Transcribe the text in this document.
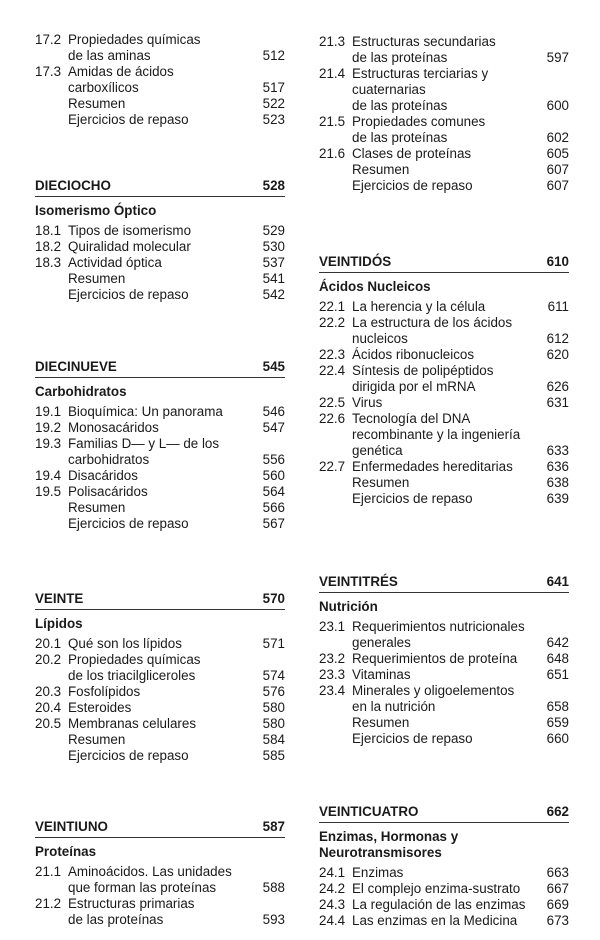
17.2 Propiedades químicas
de las aminas	512
17.3 Amidas de ácidos
carboxílicos	517
Resumen	522
Ejercicios de repaso	523
DIECIOCHO	528
Isomerismo Óptico
18.1 Tipos de isomerismo	529
18.2 Quiralidad molecular	530
18.3 Actividad óptica	537
Resumen	541
Ejercicios de repaso	542
DIECINUEVE	545
Carbohidratos
19.1 Bioquímica: Un panorama	546
19.2 Monosacáridos	547
19.3 Familias D— y L— de los
carbohidratos	556
19.4 Disacáridos	560
19.5 Polisacáridos	564
Resumen	566
Ejercicios de repaso	567
VEINTE	570
Lípidos
20.1 Qué son los lípidos	571
20.2 Propiedades químicas
de los triacilgliceroles	574
20.3 Fosfolípidos	576
20.4 Esteroides	580
20.5 Membranas celulares	580
Resumen	584
Ejercicios de repaso	585
VEINTIUNO	587
Proteínas
21.1 Aminoácidos. Las unidades
que forman las proteínas	588
21.2 Estructuras primarias
de las proteínas	593
21.3 Estructuras secundarias
de las proteínas	597
21.4 Estructuras terciarias y
cuaternarias
de las proteínas	600
21.5 Propiedades comunes
de las proteínas	602
21.6 Clases de proteínas	605
Resumen	607
Ejercicios de repaso	607
VEINTIDÓS	610
Ácidos Nucleicos
22.1 La herencia y la célula	611
22.2 La estructura de los ácidos
nucleicos	612
22.3 Ácidos ribonucleicos	620
22.4 Síntesis de polipéptidos
dirigida por el mRNA	626
22.5 Virus	631
22.6 Tecnología del DNA
recombinante y la ingeniería
genética	633
22.7 Enfermedades hereditarias	636
Resumen	638
Ejercicios de repaso	639
VEINTITRÉS	641
Nutrición
23.1 Requerimientos nutricionales
generales	642
23.2 Requerimientos de proteína 648
23.3 Vitaminas	651
23.4 Minerales y oligoelementos
en la nutrición	658
Resumen	659
Ejercicios de repaso	660
VEINTICUATRO	662
Enzimas, Hormonas y Neurotransmisores
24.1 Enzimas	663
24.2 El complejo enzima-sustrato 667
24.3 La regulación de las enzimas 669
24.4 Las enzimas en la Medicina 673
